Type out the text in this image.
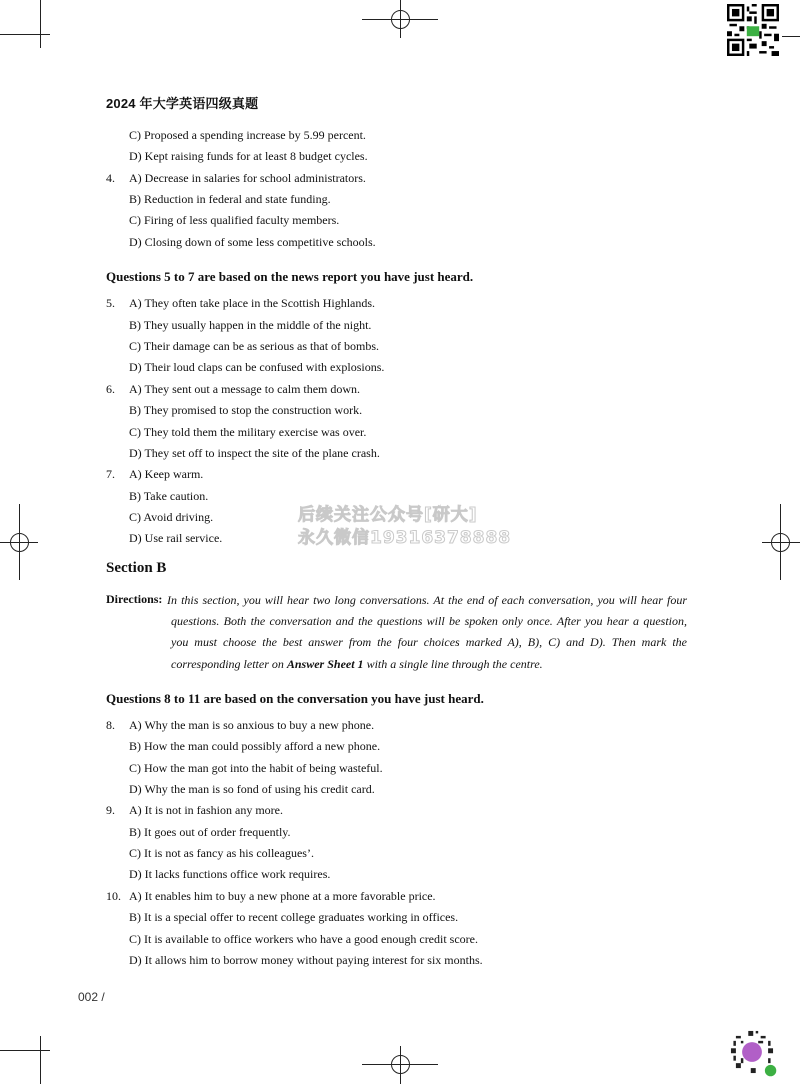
2024 年大学英语四级真题
C) Proposed a spending increase by 5.99 percent.
D) Kept raising funds for at least 8 budget cycles.
4. A) Decrease in salaries for school administrators.
B) Reduction in federal and state funding.
C) Firing of less qualified faculty members.
D) Closing down of some less competitive schools.
Questions 5 to 7 are based on the news report you have just heard.
5. A) They often take place in the Scottish Highlands.
B) They usually happen in the middle of the night.
C) Their damage can be as serious as that of bombs.
D) Their loud claps can be confused with explosions.
6. A) They sent out a message to calm them down.
B) They promised to stop the construction work.
C) They told them the military exercise was over.
D) They set off to inspect the site of the plane crash.
7. A) Keep warm.
B) Take caution.
C) Avoid driving.
D) Use rail service.
后续关注公众号[研大]
永久微信19316378888
Section B
Directions: In this section, you will hear two long conversations. At the end of each conversation, you will hear four
questions. Both the conversation and the questions will be spoken only once. After you hear a question,
you must choose the best answer from the four choices marked A), B), C) and D). Then mark the
corresponding letter on Answer Sheet 1 with a single line through the centre.
Questions 8 to 11 are based on the conversation you have just heard.
8. A) Why the man is so anxious to buy a new phone.
B) How the man could possibly afford a new phone.
C) How the man got into the habit of being wasteful.
D) Why the man is so fond of using his credit card.
9. A) It is not in fashion any more.
B) It goes out of order frequently.
C) It is not as fancy as his colleagues’.
D) It lacks functions office work requires.
10. A) It enables him to buy a new phone at a more favorable price.
B) It is a special offer to recent college graduates working in offices.
C) It is available to office workers who have a good enough credit score.
D) It allows him to borrow money without paying interest for six months.
002 /
